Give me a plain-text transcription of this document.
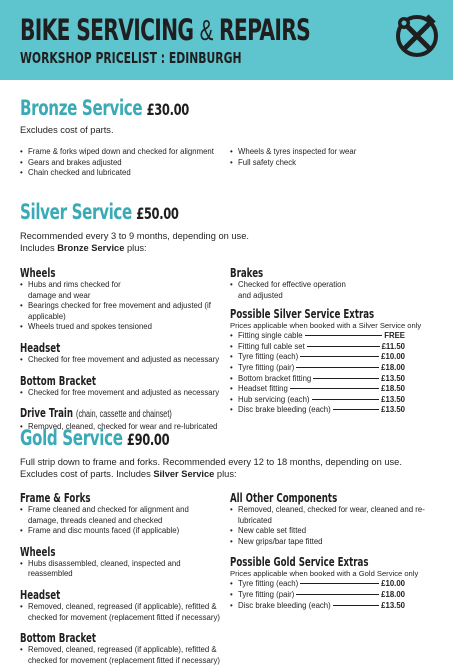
BIKE SERVICING & REPAIRS
WORKSHOP PRICELIST : EDINBURGH
Bronze Service £30.00

Excludes cost of parts.

• Frame & forks wiped down and checked for alignment
• Gears and brakes adjusted
• Chain checked and lubricated
• Wheels & tyres inspected for wear
• Full safety check
Silver Service £50.00

Recommended every 3 to 9 months, depending on use.

Includes Bronze Service plus:

Wheels
• Hubs and rims checked for damage and wear
• Bearings checked for free movement and adjusted (if applicable)
• Wheels trued and spokes tensioned
Headset
• Checked for free movement and adjusted as necessary
Bottom Bracket
• Checked for free movement and adjusted as necessary
Drive Train (chain, cassette and chainset)
• Removed, cleaned, checked for wear and re-lubricated
Brakes
• Checked for effective operation and adjusted
Possible Silver Service Extras

Prices applicable when booked with a Silver Service only

• Fitting single cable	FREE
• Fitting full cable set	£11.50
• Tyre fitting (each)	£10.00
• Tyre fitting (pair)	£18.00
• Bottom bracket fitting	£13.50
• Headset fitting	£18.50
• Hub servicing (each)	£13.50
• Disc brake bleeding (each)	£13.50
Gold Service £90.00

Full strip down to frame and forks. Recommended every 12 to 18 months, depending on use.

Excludes cost of parts. Includes Silver Service plus:

Frame & Forks
• Frame cleaned and checked for alignment and damage, threads cleaned and checked
• Frame and disc mounts faced (if applicable)
Wheels
• Hubs disassembled, cleaned, inspected and reassembled
Headset
• Removed, cleaned, regreased (if applicable), refitted & checked for movement (replacement fitted if necessary)
Bottom Bracket
• Removed, cleaned, regreased (if applicable), refitted & checked for movement (replacement fitted if necessary)
All Other Components
• Removed, cleaned, checked for wear, cleaned and re-lubricated
• New cable set fitted
• New grips/bar tape fitted
Possible Gold Service Extras

Prices applicable when booked with a Gold Service only

• Tyre fitting (each)	£10.00
• Tyre fitting (pair)	£18.00
• Disc brake bleeding (each)	£13.50
